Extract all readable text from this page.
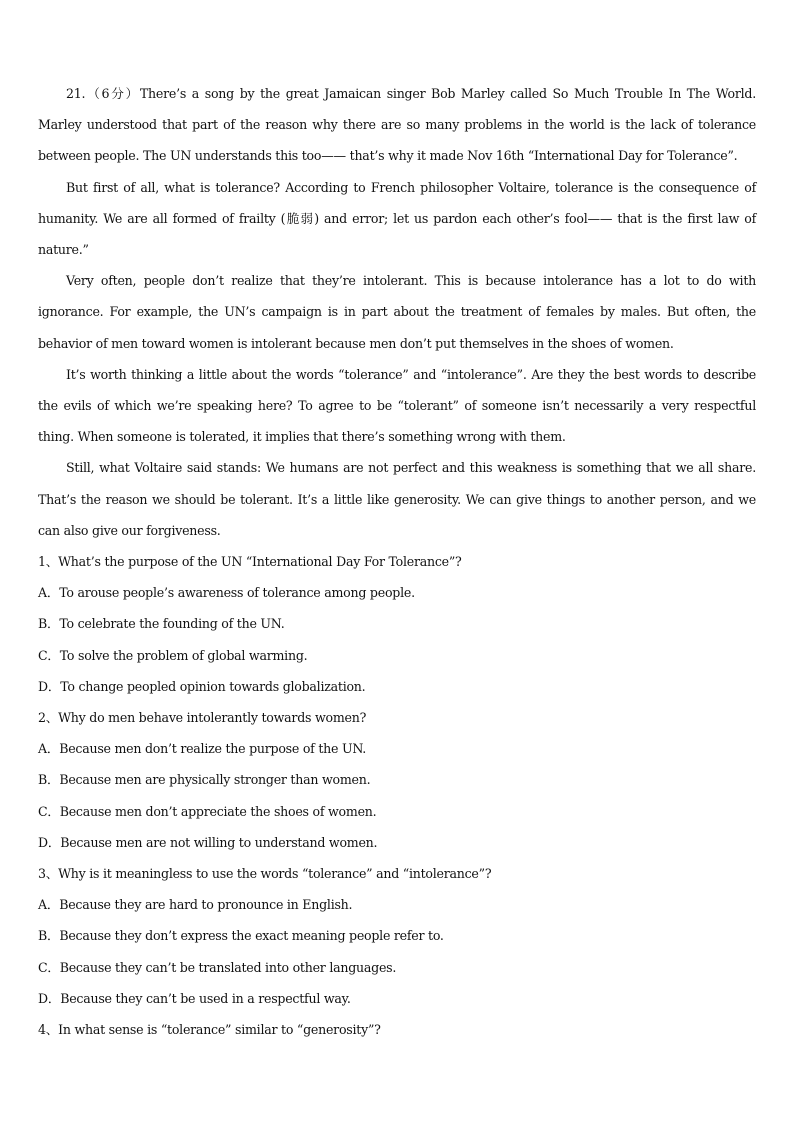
21.（6分）There’s a song by the great Jamaican singer Bob Marley called So Much Trouble In The World. Marley understood that part of the reason why there are so many problems in the world is the lack of tolerance between people. The UN understands this too—— that’s why it made Nov 16th “International Day for Tolerance”.

But first of all, what is tolerance? According to French philosopher Voltaire, tolerance is the consequence of humanity. We are all formed of frailty (脆弱) and error; let us pardon each other’s fool—— that is the first law of nature.”

Very often, people don’t realize that they’re intolerant. This is because intolerance has a lot to do with ignorance. For example, the UN’s campaign is in part about the treatment of females by males. But often, the behavior of men toward women is intolerant because men don’t put themselves in the shoes of women.

It’s worth thinking a little about the words “tolerance” and “intolerance”. Are they the best words to describe the evils of which we’re speaking here? To agree to be “tolerant” of someone isn’t necessarily a very respectful thing. When someone is tolerated, it implies that there’s something wrong with them.

Still, what Voltaire said stands: We humans are not perfect and this weakness is something that we all share. That’s the reason we should be tolerant. It’s a little like generosity. We can give things to another person, and we can also give our forgiveness.

1、What’s the purpose of the UN “International Day For Tolerance”?

A．To arouse people’s awareness of tolerance among people.

B．To celebrate the founding of the UN.

C．To solve the problem of global warming.

D．To change peopled opinion towards globalization.

2、Why do men behave intolerantly towards women?

A．Because men don’t realize the purpose of the UN.

B．Because men are physically stronger than women.

C．Because men don’t appreciate the shoes of women.

D．Because men are not willing to understand women.

3、Why is it meaningless to use the words “tolerance” and “intolerance”?

A．Because they are hard to pronounce in English.

B．Because they don’t express the exact meaning people refer to.

C．Because they can’t be translated into other languages.

D．Because they can’t be used in a respectful way.

4、In what sense is “tolerance” similar to “generosity”?
